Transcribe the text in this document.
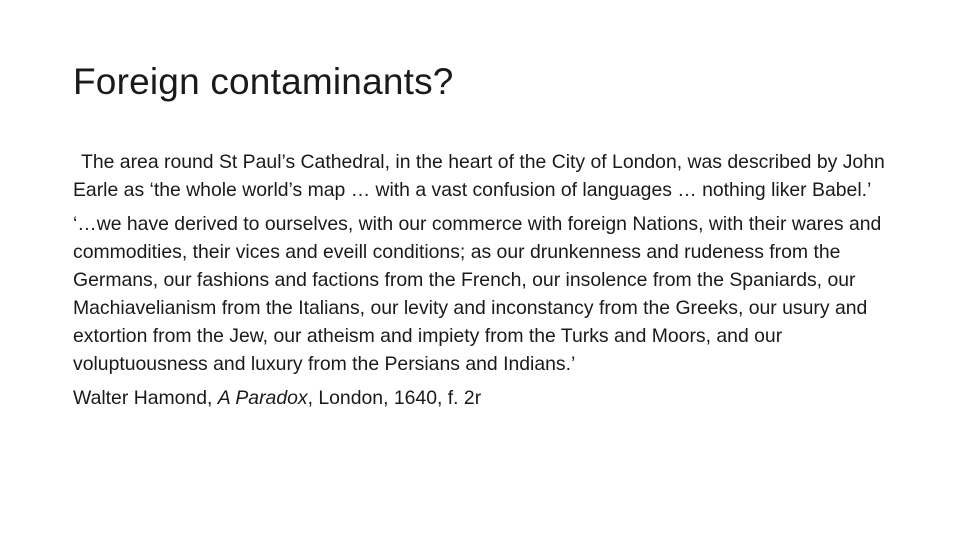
Foreign contaminants?

The area round St Paul’s Cathedral, in the heart of the City of London, was described by John Earle as ‘the whole world’s map … with a vast confusion of languages … nothing liker Babel.’

‘…we have derived to ourselves, with our commerce with foreign Nations, with their wares and commodities, their vices and eveill conditions; as our drunkenness and rudeness from the Germans, our fashions and factions from the French, our insolence from the Spaniards, our Machiavelianism from the Italians, our levity and inconstancy from the Greeks, our usury and extortion from the Jew, our atheism and impiety from the Turks and Moors, and our voluptuousness and luxury from the Persians and Indians.’

Walter Hamond, A Paradox, London, 1640, f. 2r
